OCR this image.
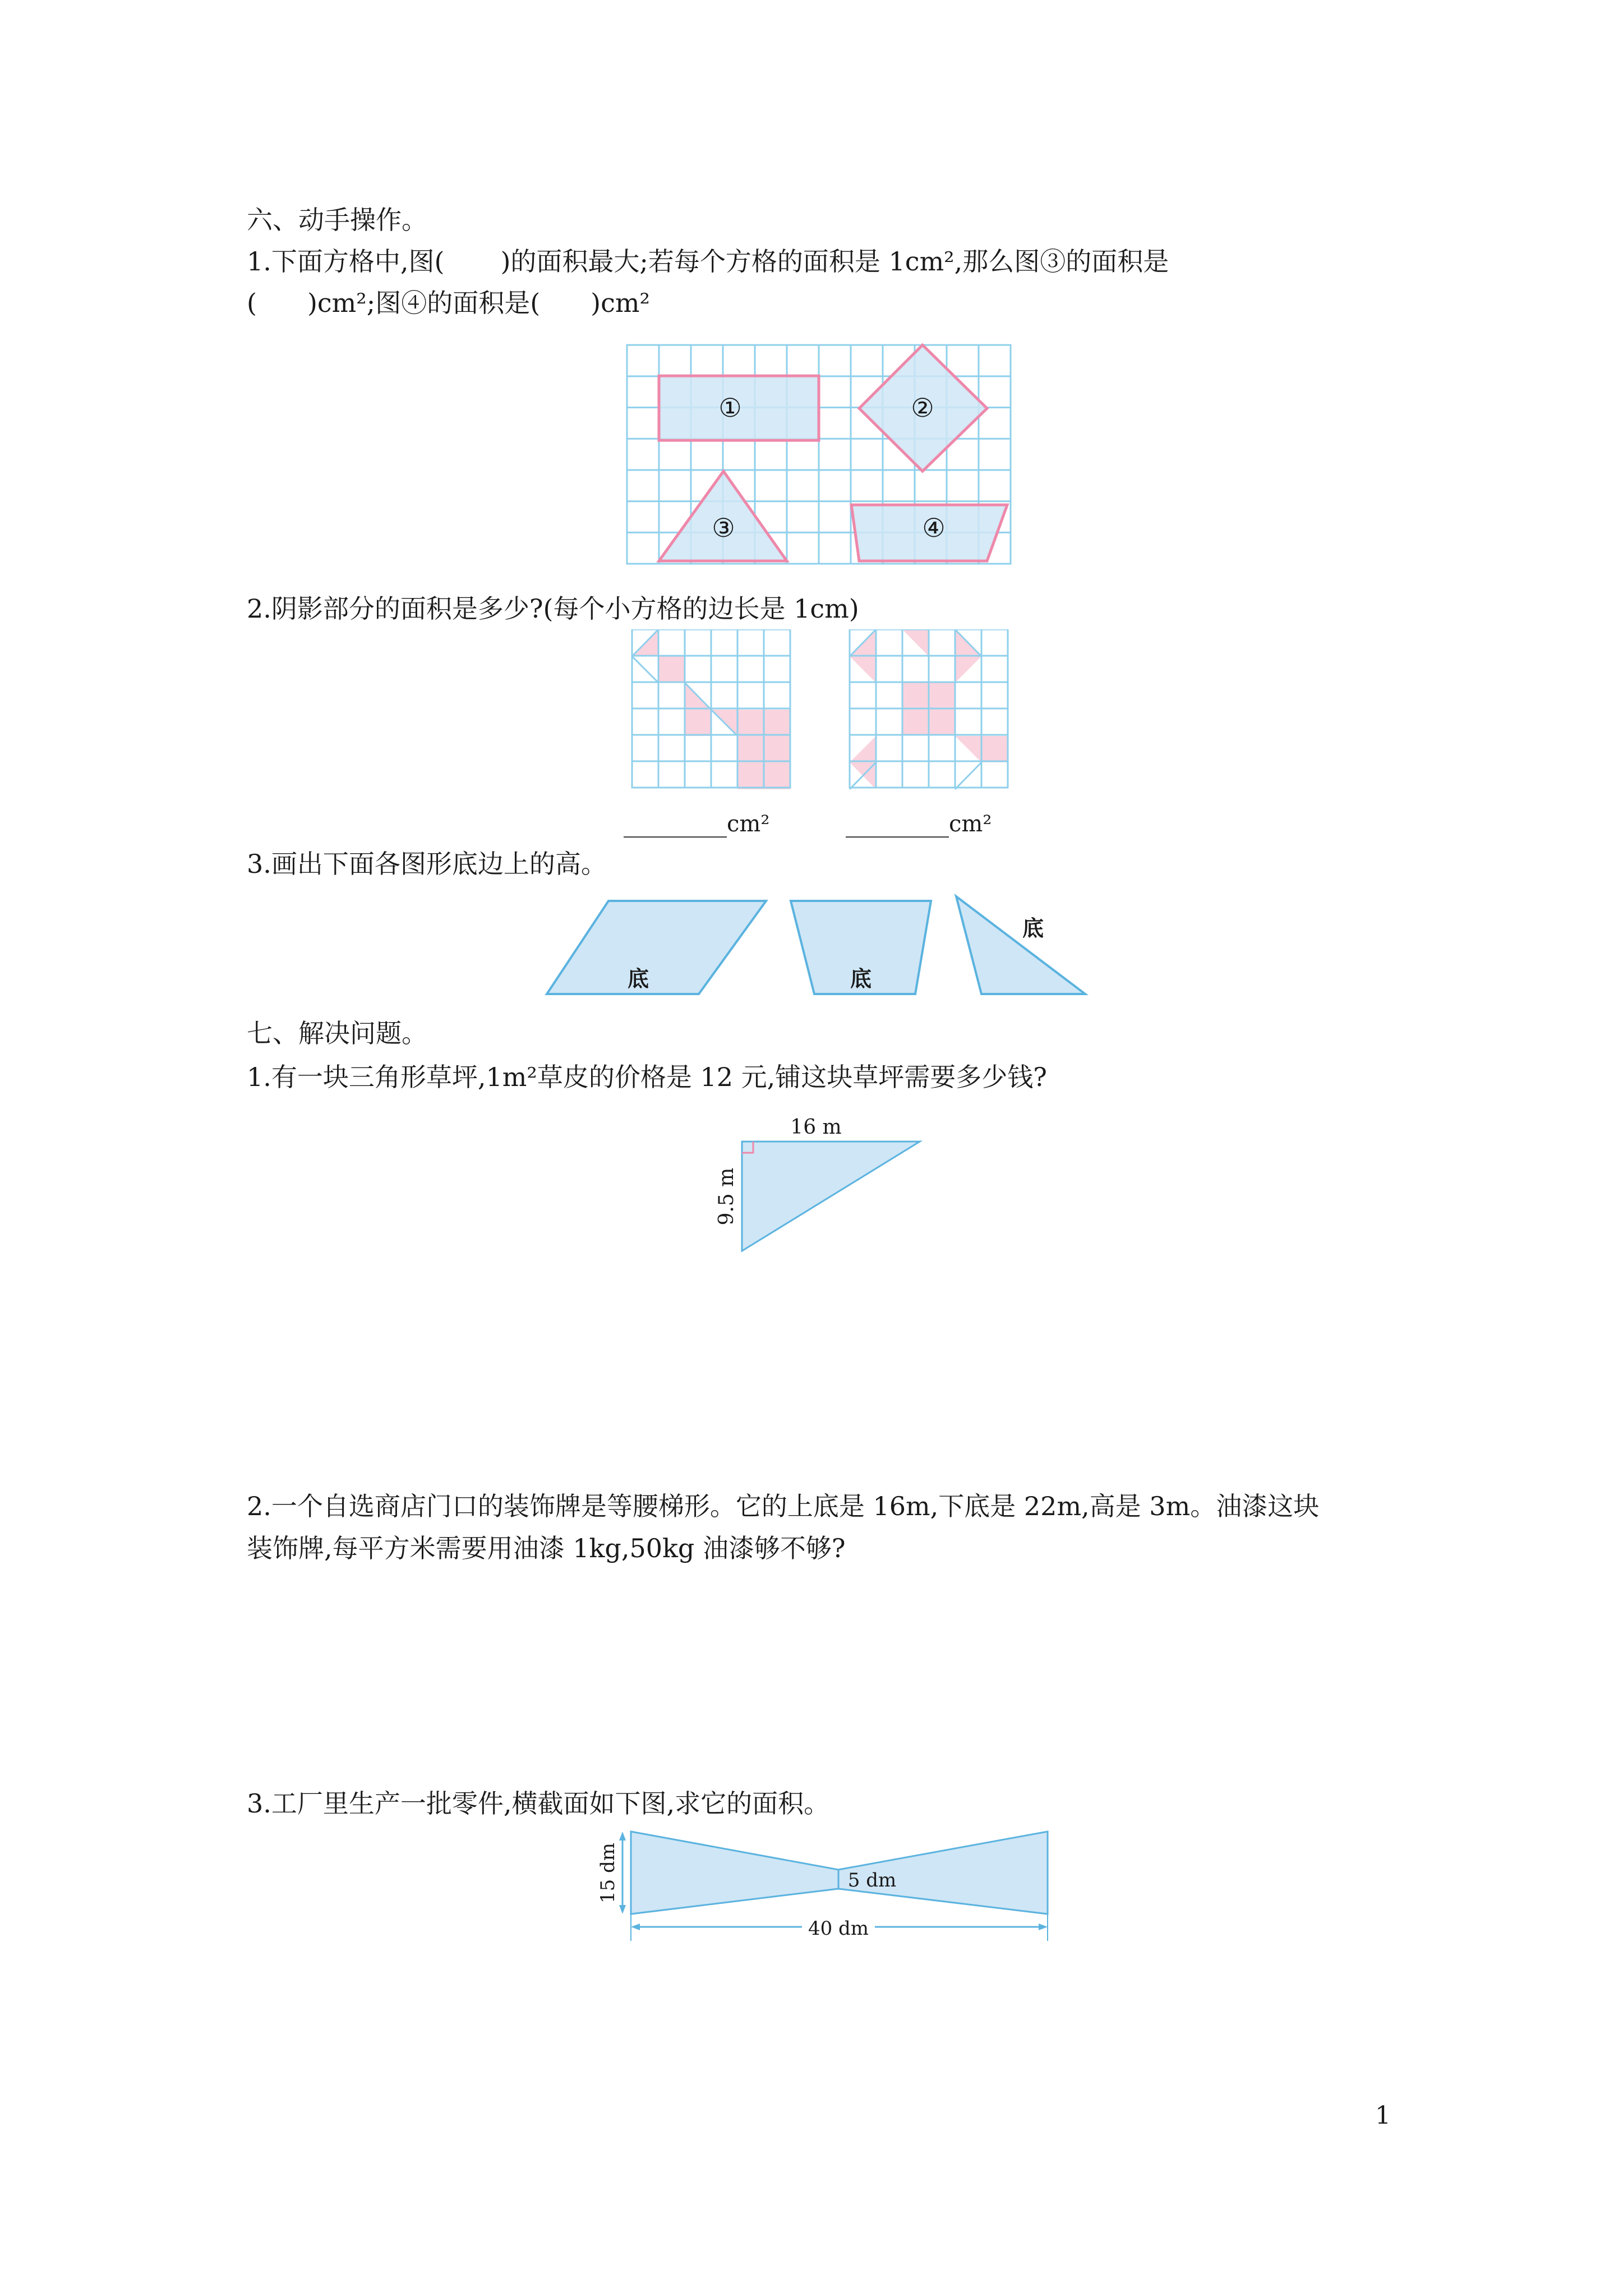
六、动手操作。
1.下面方格中,图( )的面积最大;若每个方格的面积是 1cm²,那么图③的面积是
( )cm²;图④的面积是( )cm²
①	②
③	④
2.阴影部分的面积是多少?(每个小方格的边长是 1cm)
________cm²	________cm²
3.画出下面各图形底边上的高。
底	底
底
七、解决问题。
1.有一块三角形草坪,1m²草皮的价格是 12 元,铺这块草坪需要多少钱?
16 m
9.5 m
2.一个自选商店门口的装饰牌是等腰梯形。它的上底是 16m,下底是 22m,高是 3m。油漆这块
装饰牌,每平方米需要用油漆 1kg,50kg 油漆够不够?
3.工厂里生产一批零件,横截面如下图,求它的面积。
15 dm	5 dm
40 dm
1
